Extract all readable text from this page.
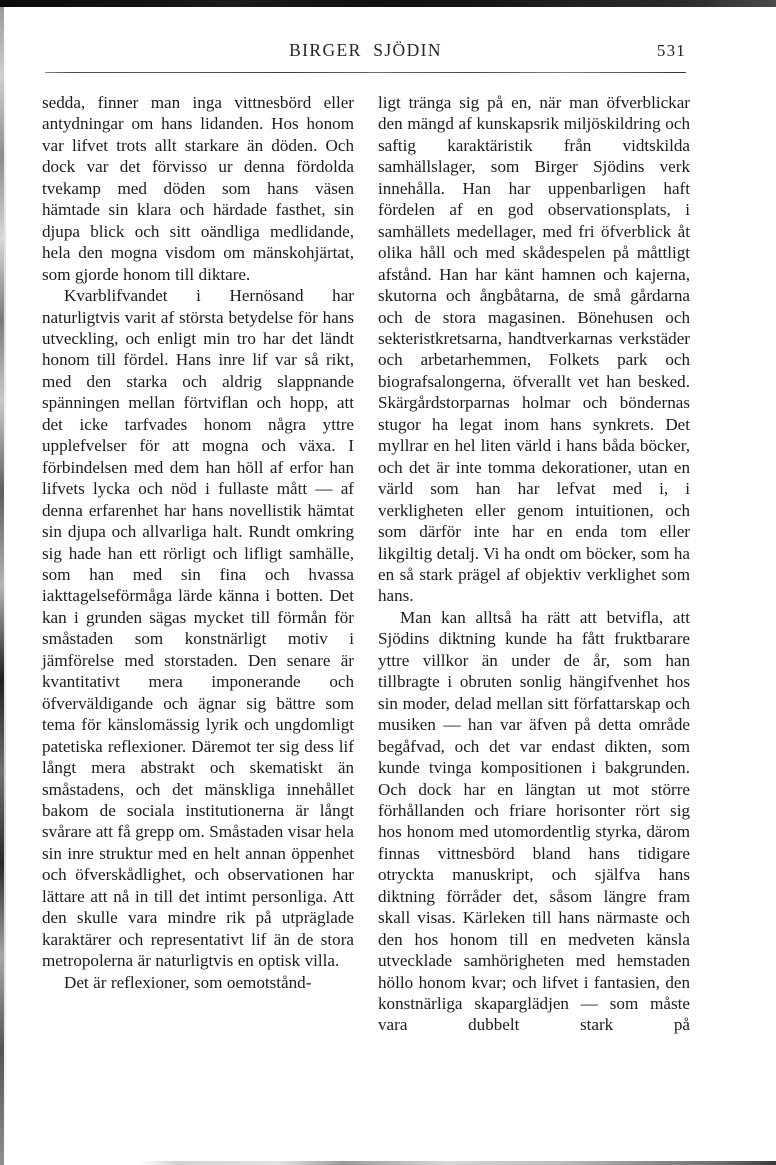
BIRGER  SJÖDIN	531

sedda, finner man inga vittnesbörd eller antydningar om hans lidanden. Hos honom var lifvet trots allt starkare än döden. Och dock var det förvisso ur denna fördolda tvekamp med döden som hans väsen hämtade sin klara och härdade fasthet, sin djupa blick och sitt oändliga medlidande, hela den mogna visdom om mänskohjärtat, som gjorde honom till diktare.

Kvarblifvandet i Hernösand har naturligtvis varit af största betydelse för hans utveckling, och enligt min tro har det ländt honom till fördel. Hans inre lif var så rikt, med den starka och aldrig slappnande spänningen mellan förtviflan och hopp, att det icke tarfvades honom några yttre upplefvelser för att mogna och växa. I förbindelsen med dem han höll af erfor han lifvets lycka och nöd i fullaste mått — af denna erfarenhet har hans novellistik hämtat sin djupa och allvarliga halt. Rundt omkring sig hade han ett rörligt och lifligt samhälle, som han med sin fina och hvassa iakttagelseförmåga lärde känna i botten. Det kan i grunden sägas mycket till förmån för småstaden som konstnärligt motiv i jämförelse med storstaden. Den senare är kvantitativt mera imponerande och öfverväldigande och ägnar sig bättre som tema för känslomässig lyrik och ungdomligt patetiska reflexioner. Däremot ter sig dess lif långt mera abstrakt och skematiskt än småstadens, och det mänskliga innehållet bakom de sociala institutionerna är långt svårare att få grepp om. Småstaden visar hela sin inre struktur med en helt annan öppenhet och öfverskådlighet, och observationen har lättare att nå in till det intimt personliga. Att den skulle vara mindre rik på utpräglade karaktärer och representativt lif än de stora metropolerna är naturligtvis en optisk villa.

Det är reflexioner, som oemotstånd-

ligt tränga sig på en, när man öfverblickar den mängd af kunskapsrik miljöskildring och saftig karaktäristik från vidtskilda samhällslager, som Birger Sjödins verk innehålla. Han har uppenbarligen haft fördelen af en god observationsplats, i samhällets medellager, med fri öfverblick åt olika håll och med skådespelen på måttligt afstånd. Han har känt hamnen och kajerna, skutorna och ångbåtarna, de små gårdarna och de stora magasinen. Bönehusen och sekteristkretsarna, handtverkarnas verkstäder och arbetarhemmen, Folkets park och biografsalongerna, öfverallt vet han besked. Skärgårdstorparnas holmar och böndernas stugor ha legat inom hans synkrets. Det myllrar en hel liten värld i hans båda böcker, och det är inte tomma dekorationer, utan en värld som han har lefvat med i, i verkligheten eller genom intuitionen, och som därför inte har en enda tom eller likgiltig detalj. Vi ha ondt om böcker, som ha en så stark prägel af objektiv verklighet som hans.

Man kan alltså ha rätt att betvifla, att Sjödins diktning kunde ha fått fruktbarare yttre villkor än under de år, som han tillbragte i obruten sonlig hängifvenhet hos sin moder, delad mellan sitt författarskap och musiken — han var äfven på detta område begåfvad, och det var endast dikten, som kunde tvinga kompositionen i bakgrunden. Och dock har en längtan ut mot större förhållanden och friare horisonter rört sig hos honom med utomordentlig styrka, därom finnas vittnesbörd bland hans tidigare otryckta manuskript, och själfva hans diktning förråder det, såsom längre fram skall visas. Kärleken till hans närmaste och den hos honom till en medveten känsla utvecklade samhörigheten med hemstaden höllo honom kvar; och lifvet i fantasien, den konstnärliga skaparglädjen — som måste vara dubbelt stark på
